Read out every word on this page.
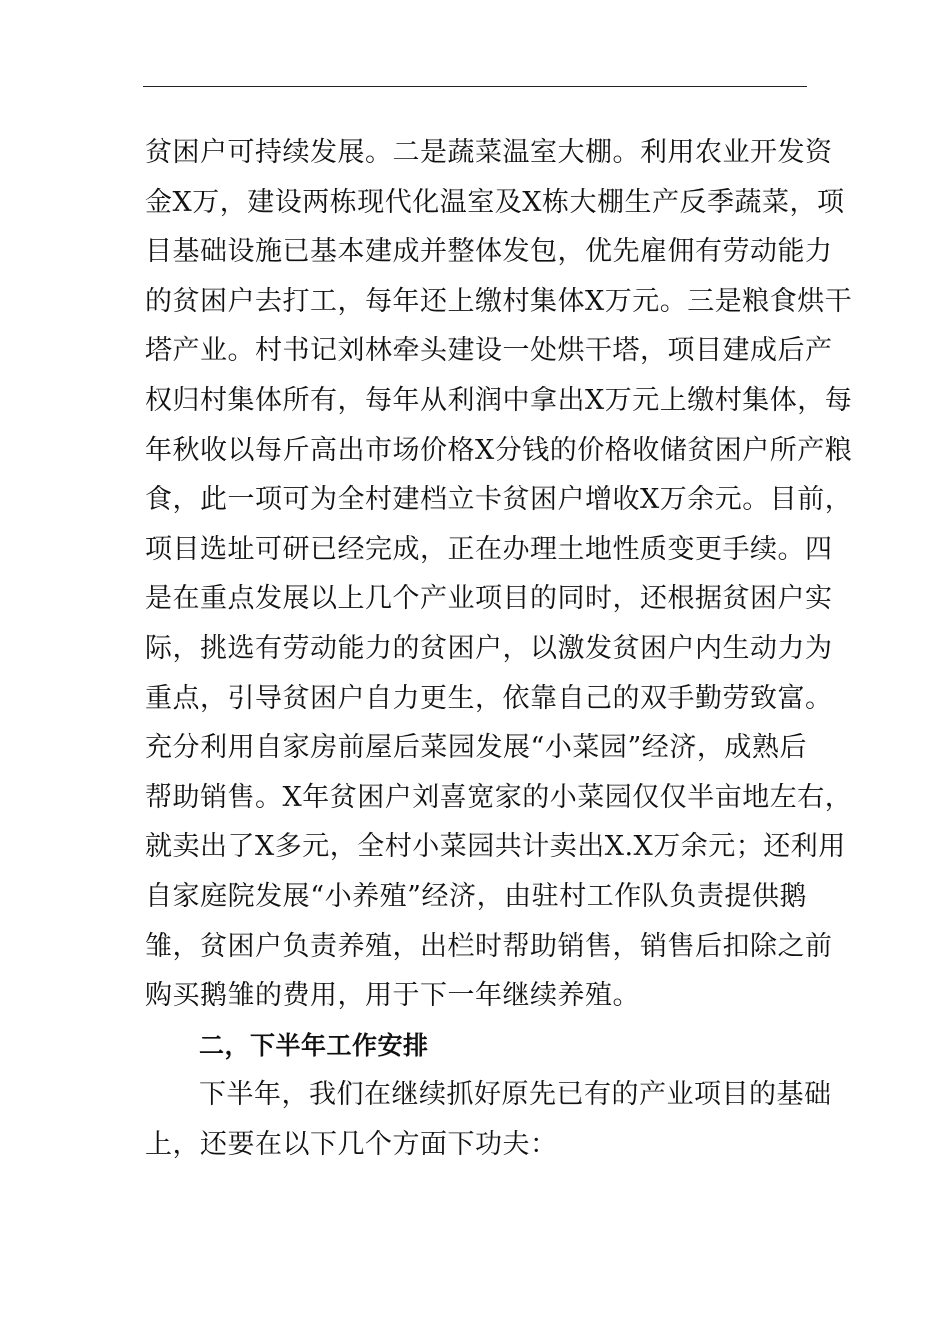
贫困户可持续发展。二是蔬菜温室大棚。利用农业开发资
金X万，建设两栋现代化温室及X栋大棚生产反季蔬菜，项
目基础设施已基本建成并整体发包，优先雇佣有劳动能力
的贫困户去打工，每年还上缴村集体X万元。三是粮食烘干
塔产业。村书记刘林牵头建设一处烘干塔，项目建成后产
权归村集体所有，每年从利润中拿出X万元上缴村集体，每
年秋收以每斤高出市场价格X分钱的价格收储贫困户所产粮
食，此一项可为全村建档立卡贫困户增收X万余元。目前，
项目选址可研已经完成，正在办理土地性质变更手续。四
是在重点发展以上几个产业项目的同时，还根据贫困户实
际，挑选有劳动能力的贫困户，以激发贫困户内生动力为
重点，引导贫困户自力更生，依靠自己的双手勤劳致富。
充分利用自家房前屋后菜园发展“小菜园”经济，成熟后
帮助销售。X年贫困户刘喜宽家的小菜园仅仅半亩地左右，
就卖出了X多元，全村小菜园共计卖出X.X万余元；还利用
自家庭院发展“小养殖”经济，由驻村工作队负责提供鹅
雏，贫困户负责养殖，出栏时帮助销售，销售后扣除之前
购买鹅雏的费用，用于下一年继续养殖。
二，下半年工作安排
下半年，我们在继续抓好原先已有的产业项目的基础
上，还要在以下几个方面下功夫：
